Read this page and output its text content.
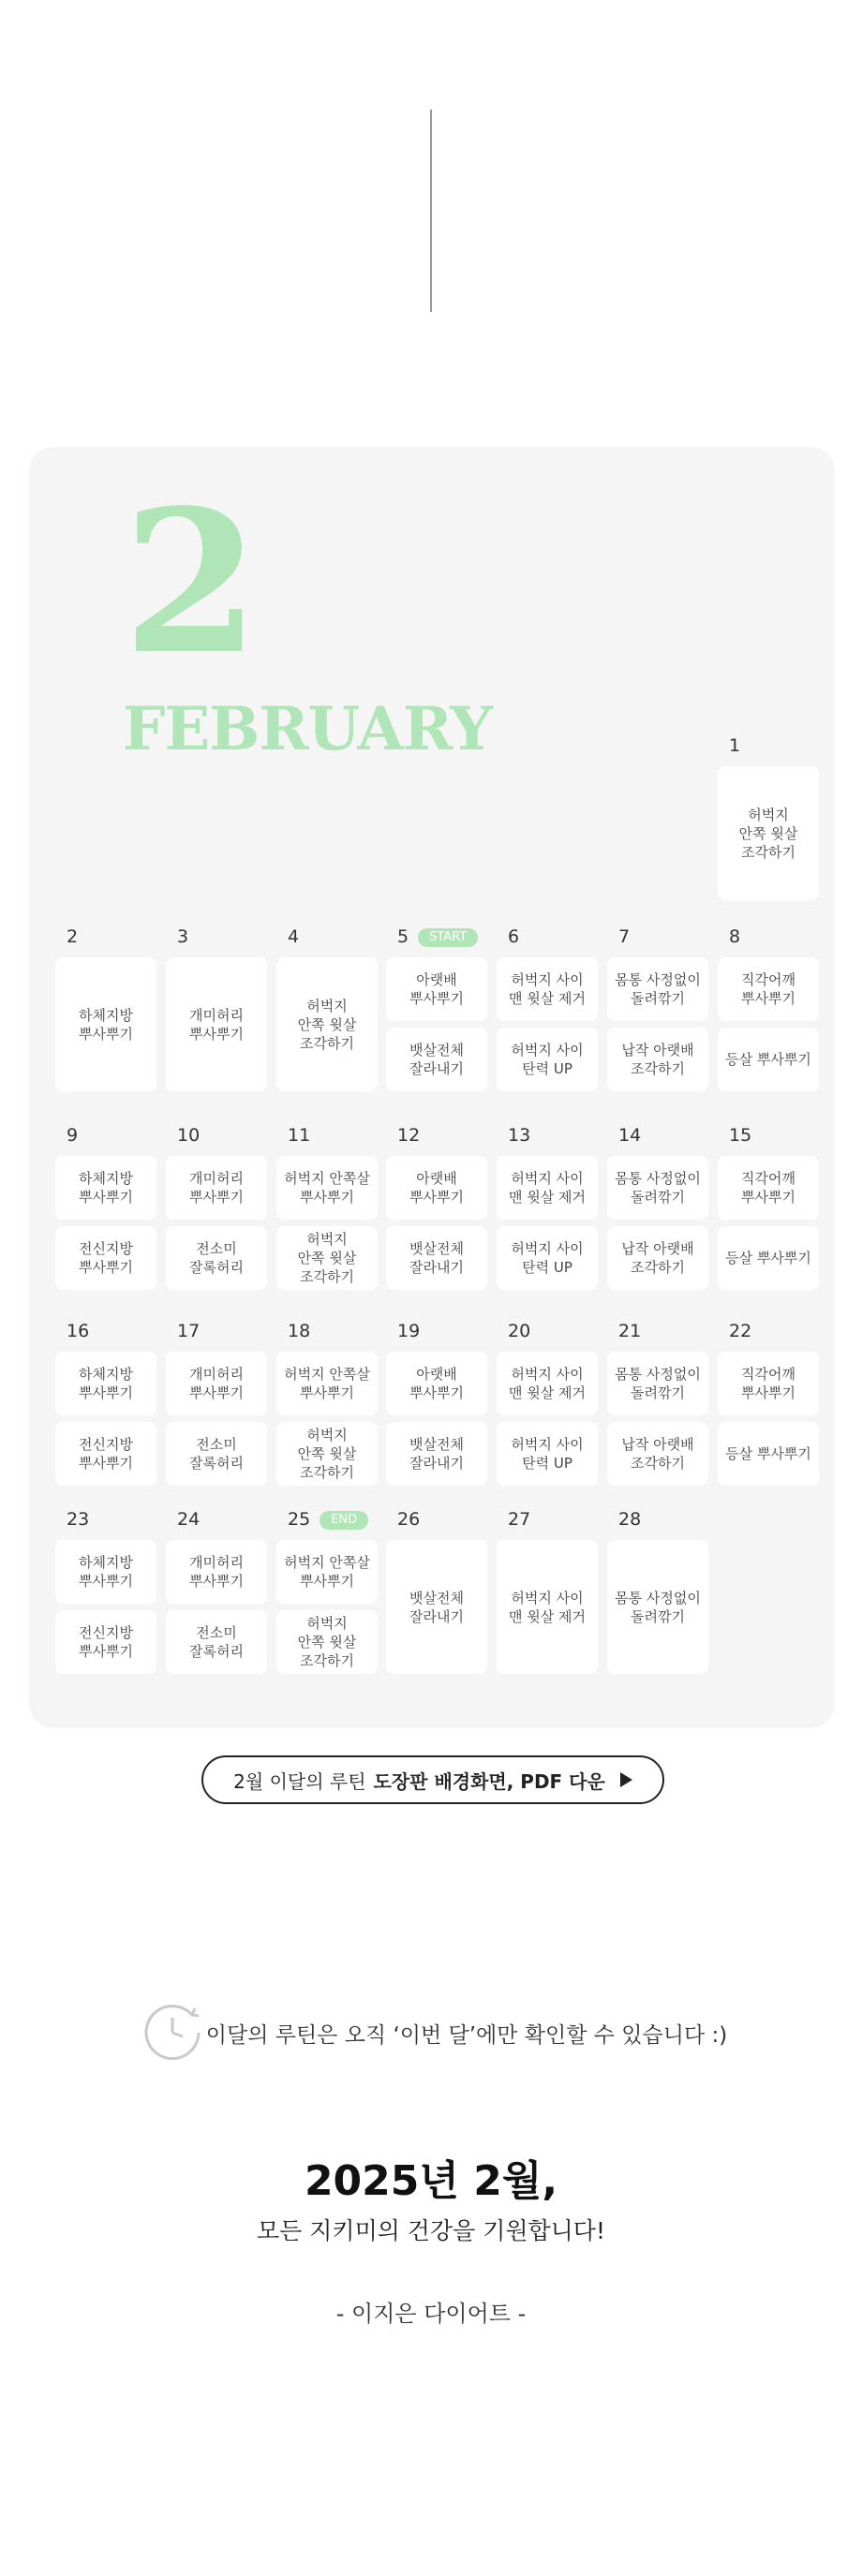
2
FEBRUARY	1
허벅지
안쪽 윗살
조각하기
2
하체지방
뿌사뿌기
3
개미허리
뿌사뿌기
4
허벅지
안쪽 윗살
조각하기
5 START
아랫배
뿌사뿌기
뱃살전체
잘라내기
6
허벅지 사이
맨 윗살 제거
허벅지 사이
탄력 UP
7
몸통 사정없이
돌려깎기
납작 아랫배
조각하기
8
직각어깨
뿌사뿌기
등살 뿌사뿌기
9
하체지방
뿌사뿌기
전신지방
뿌사뿌기
10
개미허리
뿌사뿌기
전소미
잘록허리
11
허벅지 안쪽살
뿌사뿌기
허벅지
안쪽 윗살
조각하기
12
아랫배
뿌사뿌기
뱃살전체
잘라내기
13
허벅지 사이
맨 윗살 제거
허벅지 사이
탄력 UP
14
몸통 사정없이
돌려깎기
납작 아랫배
조각하기
15
직각어깨
뿌사뿌기
등살 뿌사뿌기
16
하체지방
뿌사뿌기
전신지방
뿌사뿌기
17
개미허리
뿌사뿌기
전소미
잘록허리
18
허벅지 안쪽살
뿌사뿌기
허벅지
안쪽 윗살
조각하기
19
아랫배
뿌사뿌기
뱃살전체
잘라내기
20
허벅지 사이
맨 윗살 제거
허벅지 사이
탄력 UP
21
몸통 사정없이
돌려깎기
납작 아랫배
조각하기
22
직각어깨
뿌사뿌기
등살 뿌사뿌기
23
하체지방
뿌사뿌기
전신지방
뿌사뿌기
24
개미허리
뿌사뿌기
전소미
잘록허리
25 END
허벅지 안쪽살
뿌사뿌기
허벅지
안쪽 윗살
조각하기
26
뱃살전체
잘라내기
27
허벅지 사이
맨 윗살 제거
28
몸통 사정없이
돌려깎기
2월 이달의 루틴 도장판 배경화면, PDF 다운
이달의 루틴은 오직 ‘이번 달’에만 확인할 수 있습니다 :)
2025년 2월,
모든 지키미의 건강을 기원합니다!
- 이지은 다이어트 -
